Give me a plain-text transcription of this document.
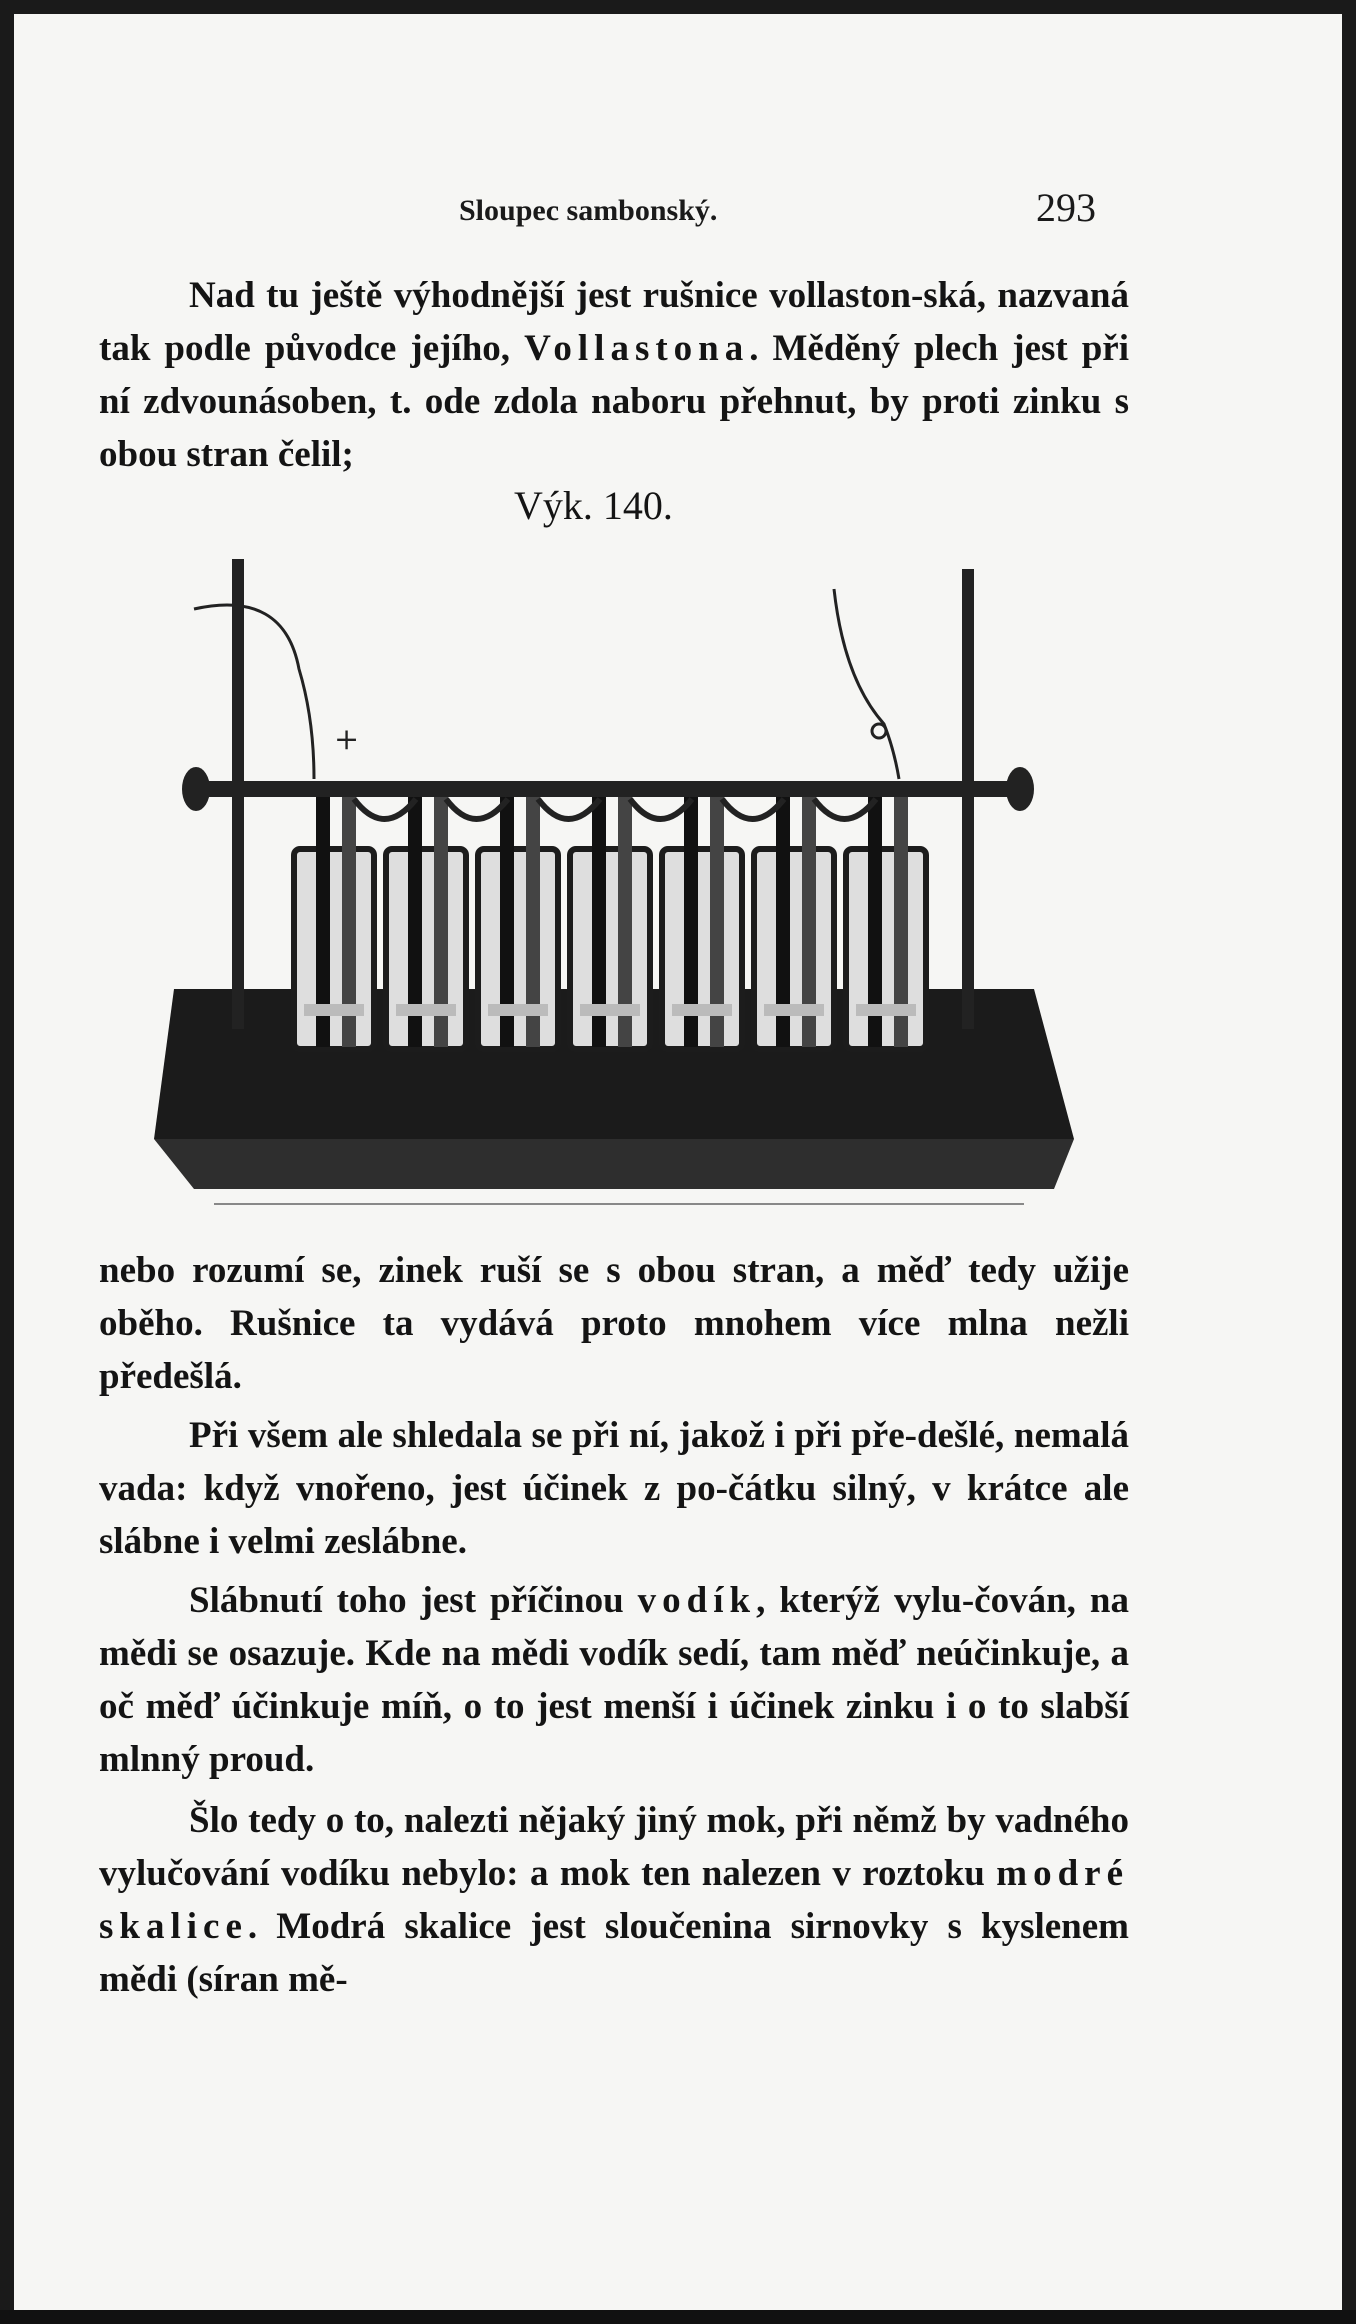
Sloupec sambonský.	293

Nad tu ještě výhodnější jest rušnice vollaston-ská, nazvaná tak podle původce jejího, Vollastona. Měděný plech jest při ní zdvounásoben, t. ode zdola naboru přehnut, by proti zinku s obou stran čelil;

Výk. 140.
+

nebo rozumí se, zinek ruší se s obou stran, a měď tedy užije oběho. Rušnice ta vydává proto mnohem více mlna nežli předešlá.

Při všem ale shledala se při ní, jakož i při pře-dešlé, nemalá vada: když vnořeno, jest účinek z po-čátku silný, v krátce ale slábne i velmi zeslábne.

Slábnutí toho jest příčinou vodík, kterýž vylu-čován, na mědi se osazuje. Kde na mědi vodík sedí, tam měď neúčinkuje, a oč měď účinkuje míň, o to jest menší i účinek zinku i o to slabší mlnný proud.

Šlo tedy o to, nalezti nějaký jiný mok, při němž by vadného vylučování vodíku nebylo: a mok ten nalezen v roztoku modré skalice. Modrá skalice jest sloučenina sirnovky s kyslenem mědi (síran mě-
